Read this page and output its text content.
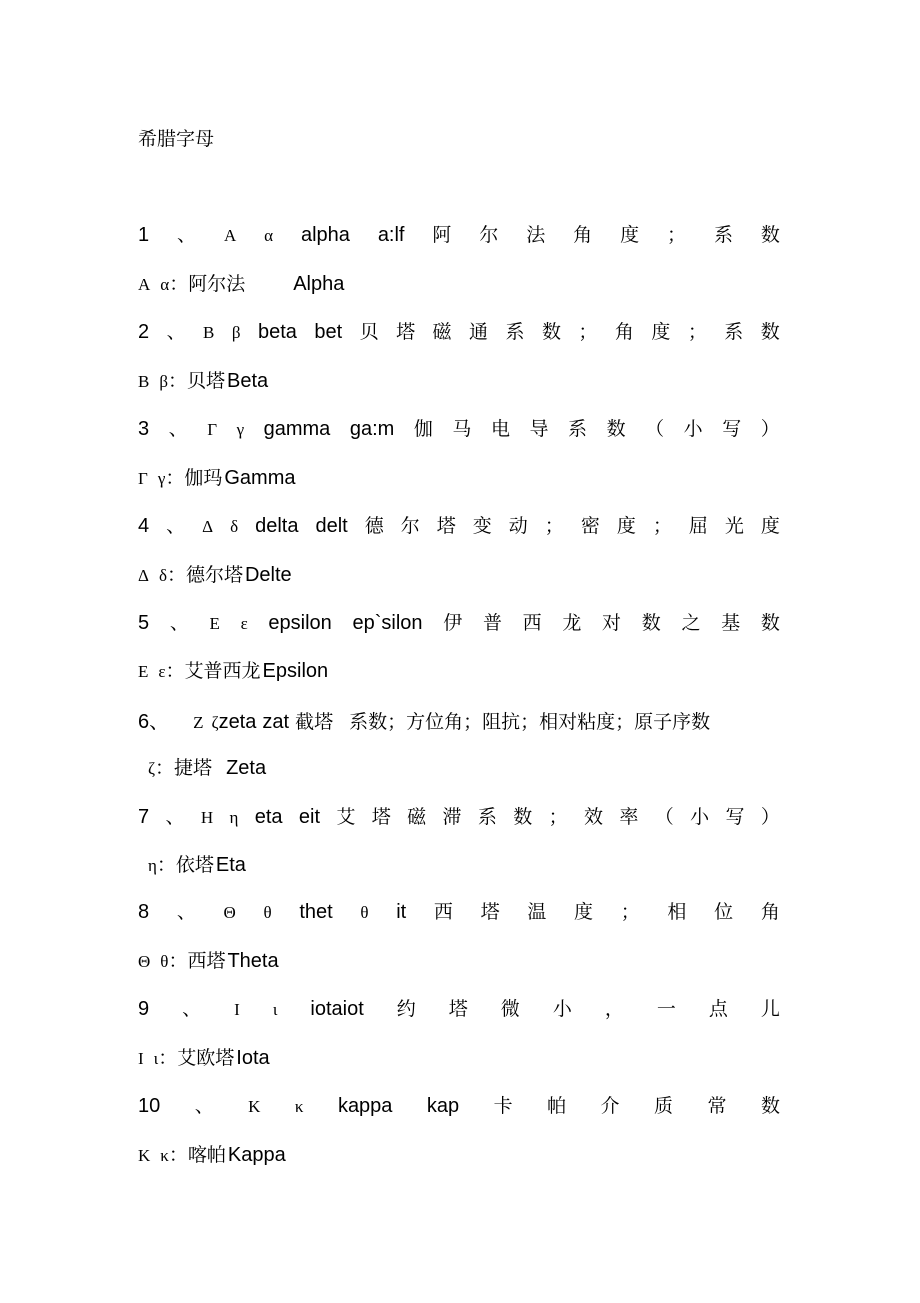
希腊字母
1 、 Α α alpha a:lf 阿 尔 法 角 度 ； 系 数
Α α：阿尔法 Alpha
2 、 Β β beta bet 贝 塔 磁 通 系 数 ； 角 度 ； 系 数
Β β：贝塔 Beta
3 、 Γ γ gamma ga:m 伽 马 电 导 系 数 （ 小 写 ）
Γ γ：伽玛 Gamma
4 、 Δ δ delta delt 德 尔 塔 变 动 ； 密 度 ； 屈 光 度
Δ δ：德尔塔 Delte
5 、 Ε ε epsilon ep`silon 伊 普 西 龙 对 数 之 基 数
Ε ε：艾普西龙 Epsilon
6、 Ζ ζ zeta zat 截塔 系数；方位角；阻抗；相对粘度；原子序数
ζ：捷塔 Zeta
7 、 Η η eta eit 艾 塔 磁 滞 系 数 ； 效 率 （ 小 写 ）
η：依塔 Eta
8 、 Θ θ thet θ it 西 塔 温 度 ； 相 位 角
Θ θ：西塔 Theta
9 、 Ι ι iotaiot 约 塔 微 小 ， 一 点 儿
Ι ι：艾欧塔 Iota
10 、 Κ κ kappa kap 卡 帕 介 质 常 数
Κ κ：喀帕 Kappa
